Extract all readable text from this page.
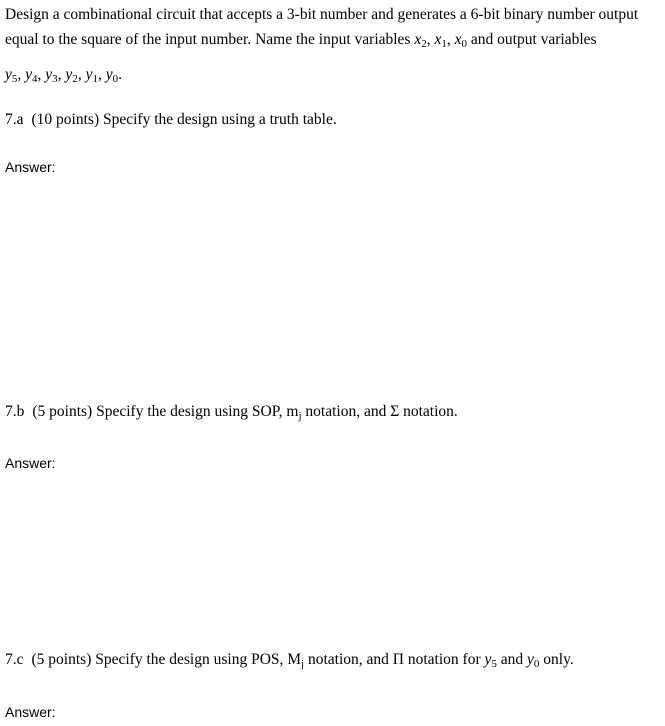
Design a combinational circuit that accepts a 3-bit number and generates a 6-bit binary number output
equal to the square of the input number. Name the input variables $x_2$, $x_1$, $x_0$ and output variables
$y_5$, $y_4$, $y_3$, $y_2$, $y_1$, $y_0$.
7.a (10 points) Specify the design using a truth table.
Answer:
7.b (5 points) Specify the design using SOP, $m_j$ notation, and Σ notation.
Answer:
7.c (5 points) Specify the design using POS, $M_j$ notation, and Π notation for $y_5$ and $y_0$ only.
Answer:
